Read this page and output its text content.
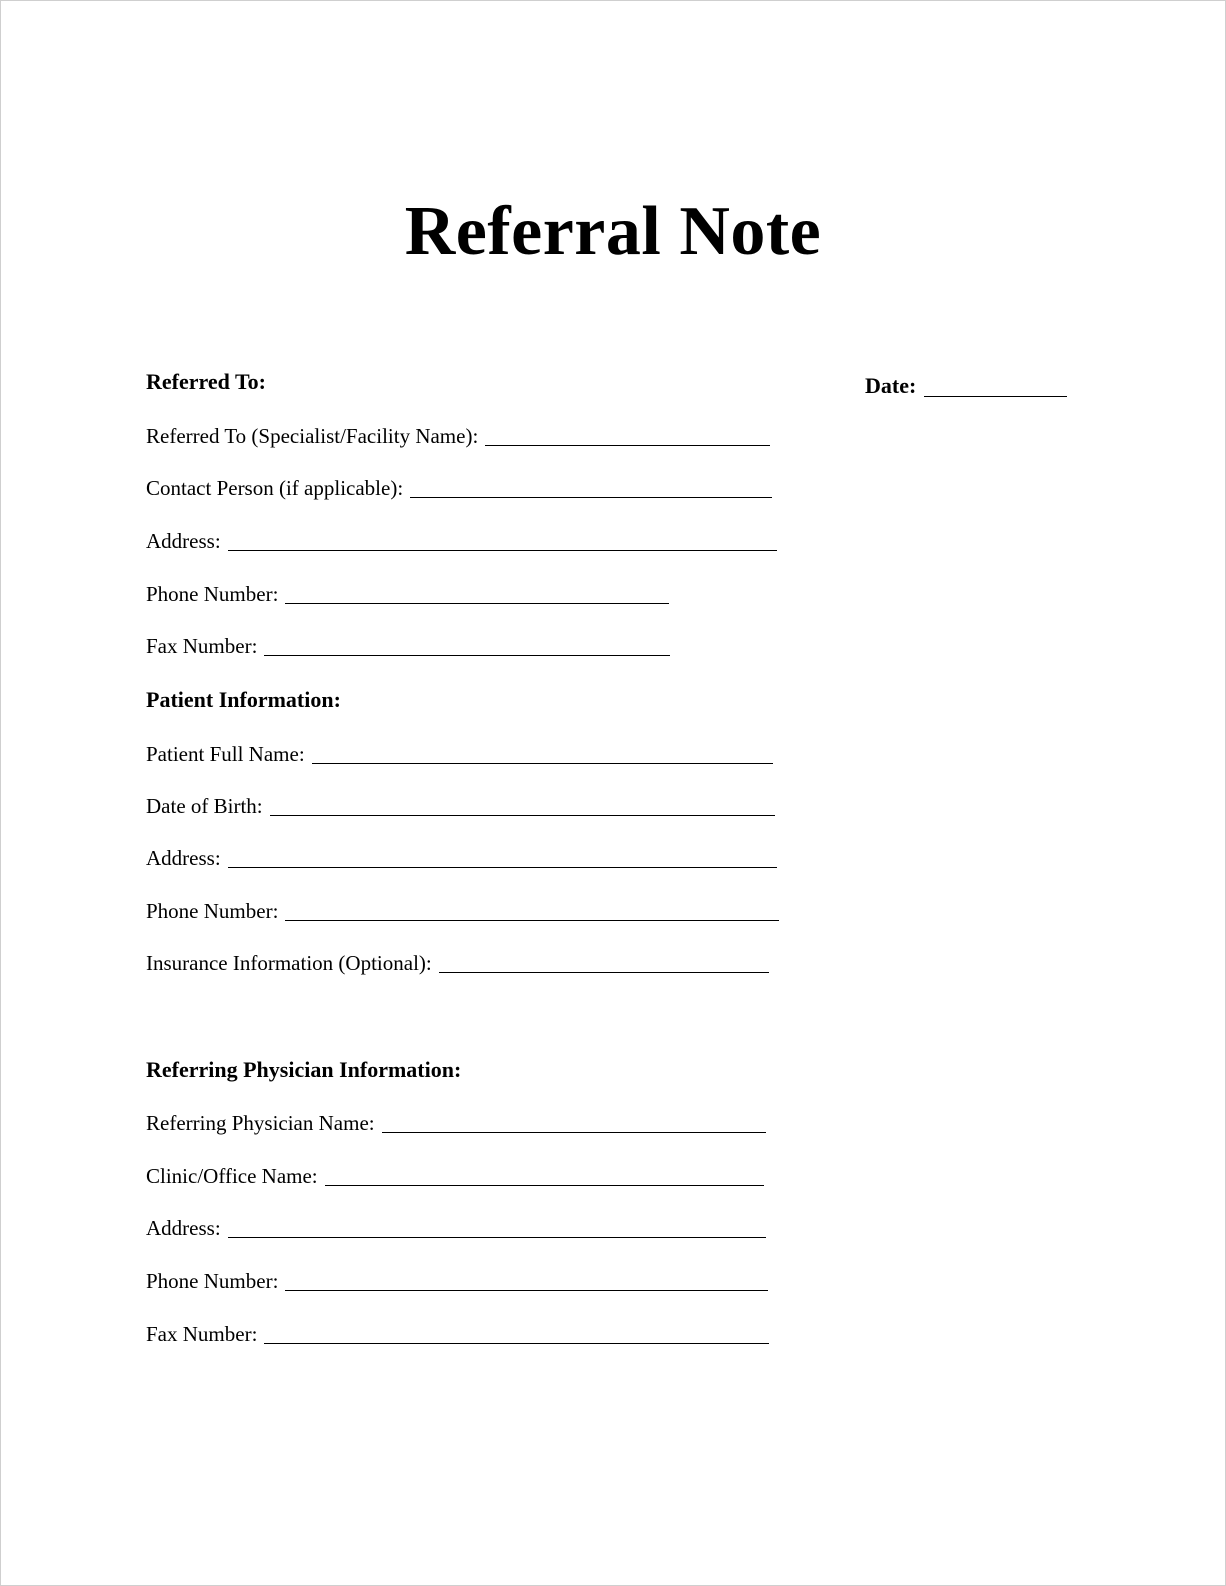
Referral Note
Referred To:	Date:
Referred To (Specialist/Facility Name):
Contact Person (if applicable):
Address:
Phone Number:
Fax Number:
Patient Information:
Patient Full Name:
Date of Birth:
Address:
Phone Number:
Insurance Information (Optional):
Referring Physician Information:
Referring Physician Name:
Clinic/Office Name:
Address:
Phone Number:
Fax Number:
